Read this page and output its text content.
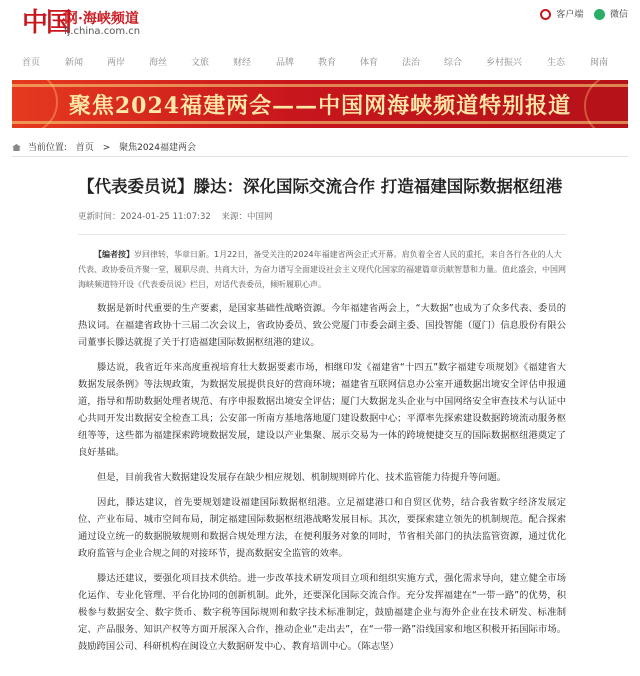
中国
网·海峡频道
fj.china.com.cn
客户端	微信
首页	新闻	两岸	海丝	文旅	财经	品牌	教育	体育	法治	综合	乡村振兴	生态	闽南
聚焦2024福建两会——中国网海峡频道特别报道
当前位置: 首页 > 聚焦2024福建两会
【代表委员说】滕达：深化国际交流合作 打造福建国际数据枢纽港
更新时间：2024-01-25 11:07:32 来源：中国网
【编者按】岁回律转，华章日新。1月22日，备受关注的2024年福建省两会正式开幕。肩负着全省人民的重托，来自各行各业的人大代表、政协委员齐聚一堂，履职尽责、共商大计，为奋力谱写全面建设社会主义现代化国家的福建篇章贡献智慧和力量。值此盛会，中国网海峡频道特开设《代表委员说》栏目，对话代表委员，倾听履职心声。

数据是新时代重要的生产要素，是国家基础性战略资源。今年福建省两会上，“大数据”也成为了众多代表、委员的热议词。在福建省政协十三届二次会议上，省政协委员、致公党厦门市委会副主委、国投智能（厦门）信息股份有限公司董事长滕达就提了关于打造福建国际数据枢纽港的建议。

滕达说，我省近年来高度重视培育壮大数据要素市场，相继印发《福建省“十四五”数字福建专项规划》《福建省大数据发展条例》等法规政策，为数据发展提供良好的营商环境；福建省互联网信息办公室开通数据出境安全评估申报通道，指导和帮助数据处理者规范、有序申报数据出境安全评估；厦门大数据龙头企业与中国网络安全审查技术与认证中心共同开发出数据安全检查工具；公安部一所南方基地落地厦门建设数据中心；平潭率先探索建设数据跨境流动服务枢纽等等，这些都为福建探索跨境数据发展，建设以产业集聚、展示交易为一体的跨境便捷交互的国际数据枢纽港奠定了良好基础。

但是，目前我省大数据建设发展存在缺少相应规划、机制规则碎片化、技术监管能力待提升等问题。

因此，滕达建议，首先要规划建设福建国际数据枢纽港。立足福建港口和自贸区优势，结合我省数字经济发展定位、产业布局、城市空间布局，制定福建国际数据枢纽港战略发展目标。其次，要探索建立领先的机制规范。配合探索通过设立统一的数据脱敏规则和数据合规处理方法，在便利服务对象的同时，节省相关部门的执法监管资源，通过优化政府监管与企业合规之间的对接环节，提高数据安全监管的效率。

滕达还建议，要强化项目技术供给。进一步改革技术研发项目立项和组织实施方式，强化需求导向，建立健全市场化运作、专业化管理、平台化协同的创新机制。此外，还要深化国际交流合作。充分发挥福建在“一带一路”的优势，积极参与数据安全、数字货币、数字税等国际规则和数字技术标准制定，鼓励福建企业与海外企业在技术研发、标准制定、产品服务、知识产权等方面开展深入合作，推动企业“走出去”，在“一带一路”沿线国家和地区积极开拓国际市场。鼓励跨国公司、科研机构在闽设立大数据研发中心、教育培训中心。（陈志坚）
